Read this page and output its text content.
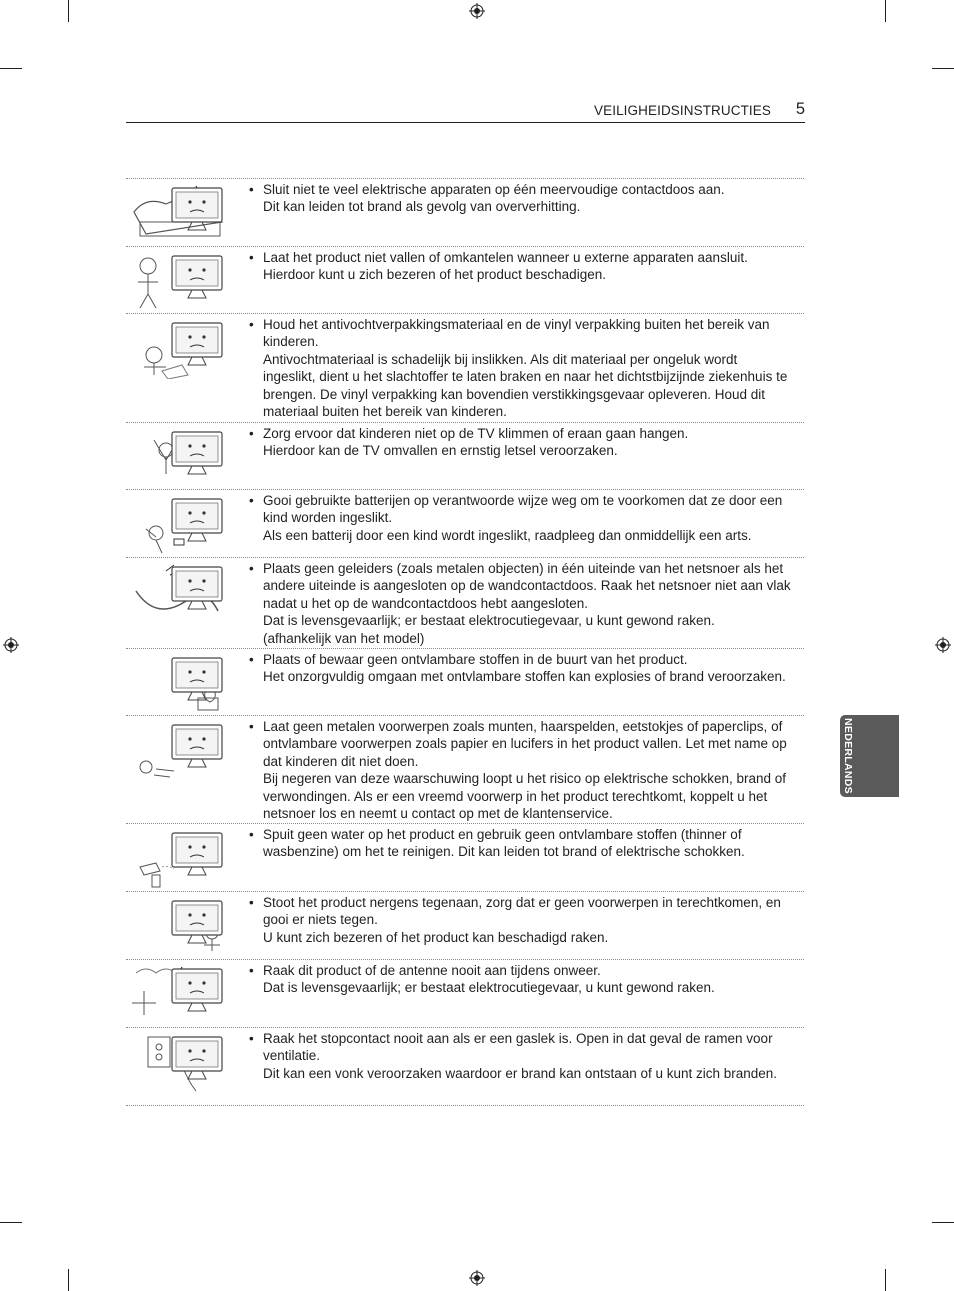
VEILIGHEIDSINSTRUCTIES 5
NEDERLANDS
• Sluit niet te veel elektrische apparaten op één meervoudige contactdoos aan.

Dit kan leiden tot brand als gevolg van oververhitting.

• Laat het product niet vallen of omkantelen wanneer u externe apparaten aansluit.

Hierdoor kunt u zich bezeren of het product beschadigen.

• Houd het antivochtverpakkingsmateriaal en de vinyl verpakking buiten het bereik van kinderen.

Antivochtmateriaal is schadelijk bij inslikken. Als dit materiaal per ongeluk wordt ingeslikt, dient u het slachtoffer te laten braken en naar het dichtstbijzijnde ziekenhuis te brengen. De vinyl verpakking kan bovendien verstikkingsgevaar opleveren. Houd dit materiaal buiten het bereik van kinderen.

• Zorg ervoor dat kinderen niet op de TV klimmen of eraan gaan hangen.

Hierdoor kan de TV omvallen en ernstig letsel veroorzaken.

• Gooi gebruikte batterijen op verantwoorde wijze weg om te voorkomen dat ze door een kind worden ingeslikt.

Als een batterij door een kind wordt ingeslikt, raadpleeg dan onmiddellijk een arts.

• Plaats geen geleiders (zoals metalen objecten) in één uiteinde van het netsnoer als het andere uiteinde is aangesloten op de wandcontactdoos. Raak het netsnoer niet aan vlak nadat u het op de wandcontactdoos hebt aangesloten.

Dat is levensgevaarlijk; er bestaat elektrocutiegevaar, u kunt gewond raken.

(afhankelijk van het model)

• Plaats of bewaar geen ontvlambare stoffen in de buurt van het product.

Het onzorgvuldig omgaan met ontvlambare stoffen kan explosies of brand veroorzaken.

• Laat geen metalen voorwerpen zoals munten, haarspelden, eetstokjes of paperclips, of ontvlambare voorwerpen zoals papier en lucifers in het product vallen. Let met name op dat kinderen dit niet doen.

Bij negeren van deze waarschuwing loopt u het risico op elektrische schokken, brand of verwondingen. Als er een vreemd voorwerp in het product terechtkomt, koppelt u het netsnoer los en neemt u contact op met de klantenservice.

• Spuit geen water op het product en gebruik geen ontvlambare stoffen (thinner of wasbenzine) om het te reinigen. Dit kan leiden tot brand of elektrische schokken.

• Stoot het product nergens tegenaan, zorg dat er geen voorwerpen in terechtkomen, en gooi er niets tegen.

U kunt zich bezeren of het product kan beschadigd raken.

• Raak dit product of de antenne nooit aan tijdens onweer.

Dat is levensgevaarlijk; er bestaat elektrocutiegevaar, u kunt gewond raken.

• Raak het stopcontact nooit aan als er een gaslek is. Open in dat geval de ramen voor ventilatie.

Dit kan een vonk veroorzaken waardoor er brand kan ontstaan of u kunt zich branden.
